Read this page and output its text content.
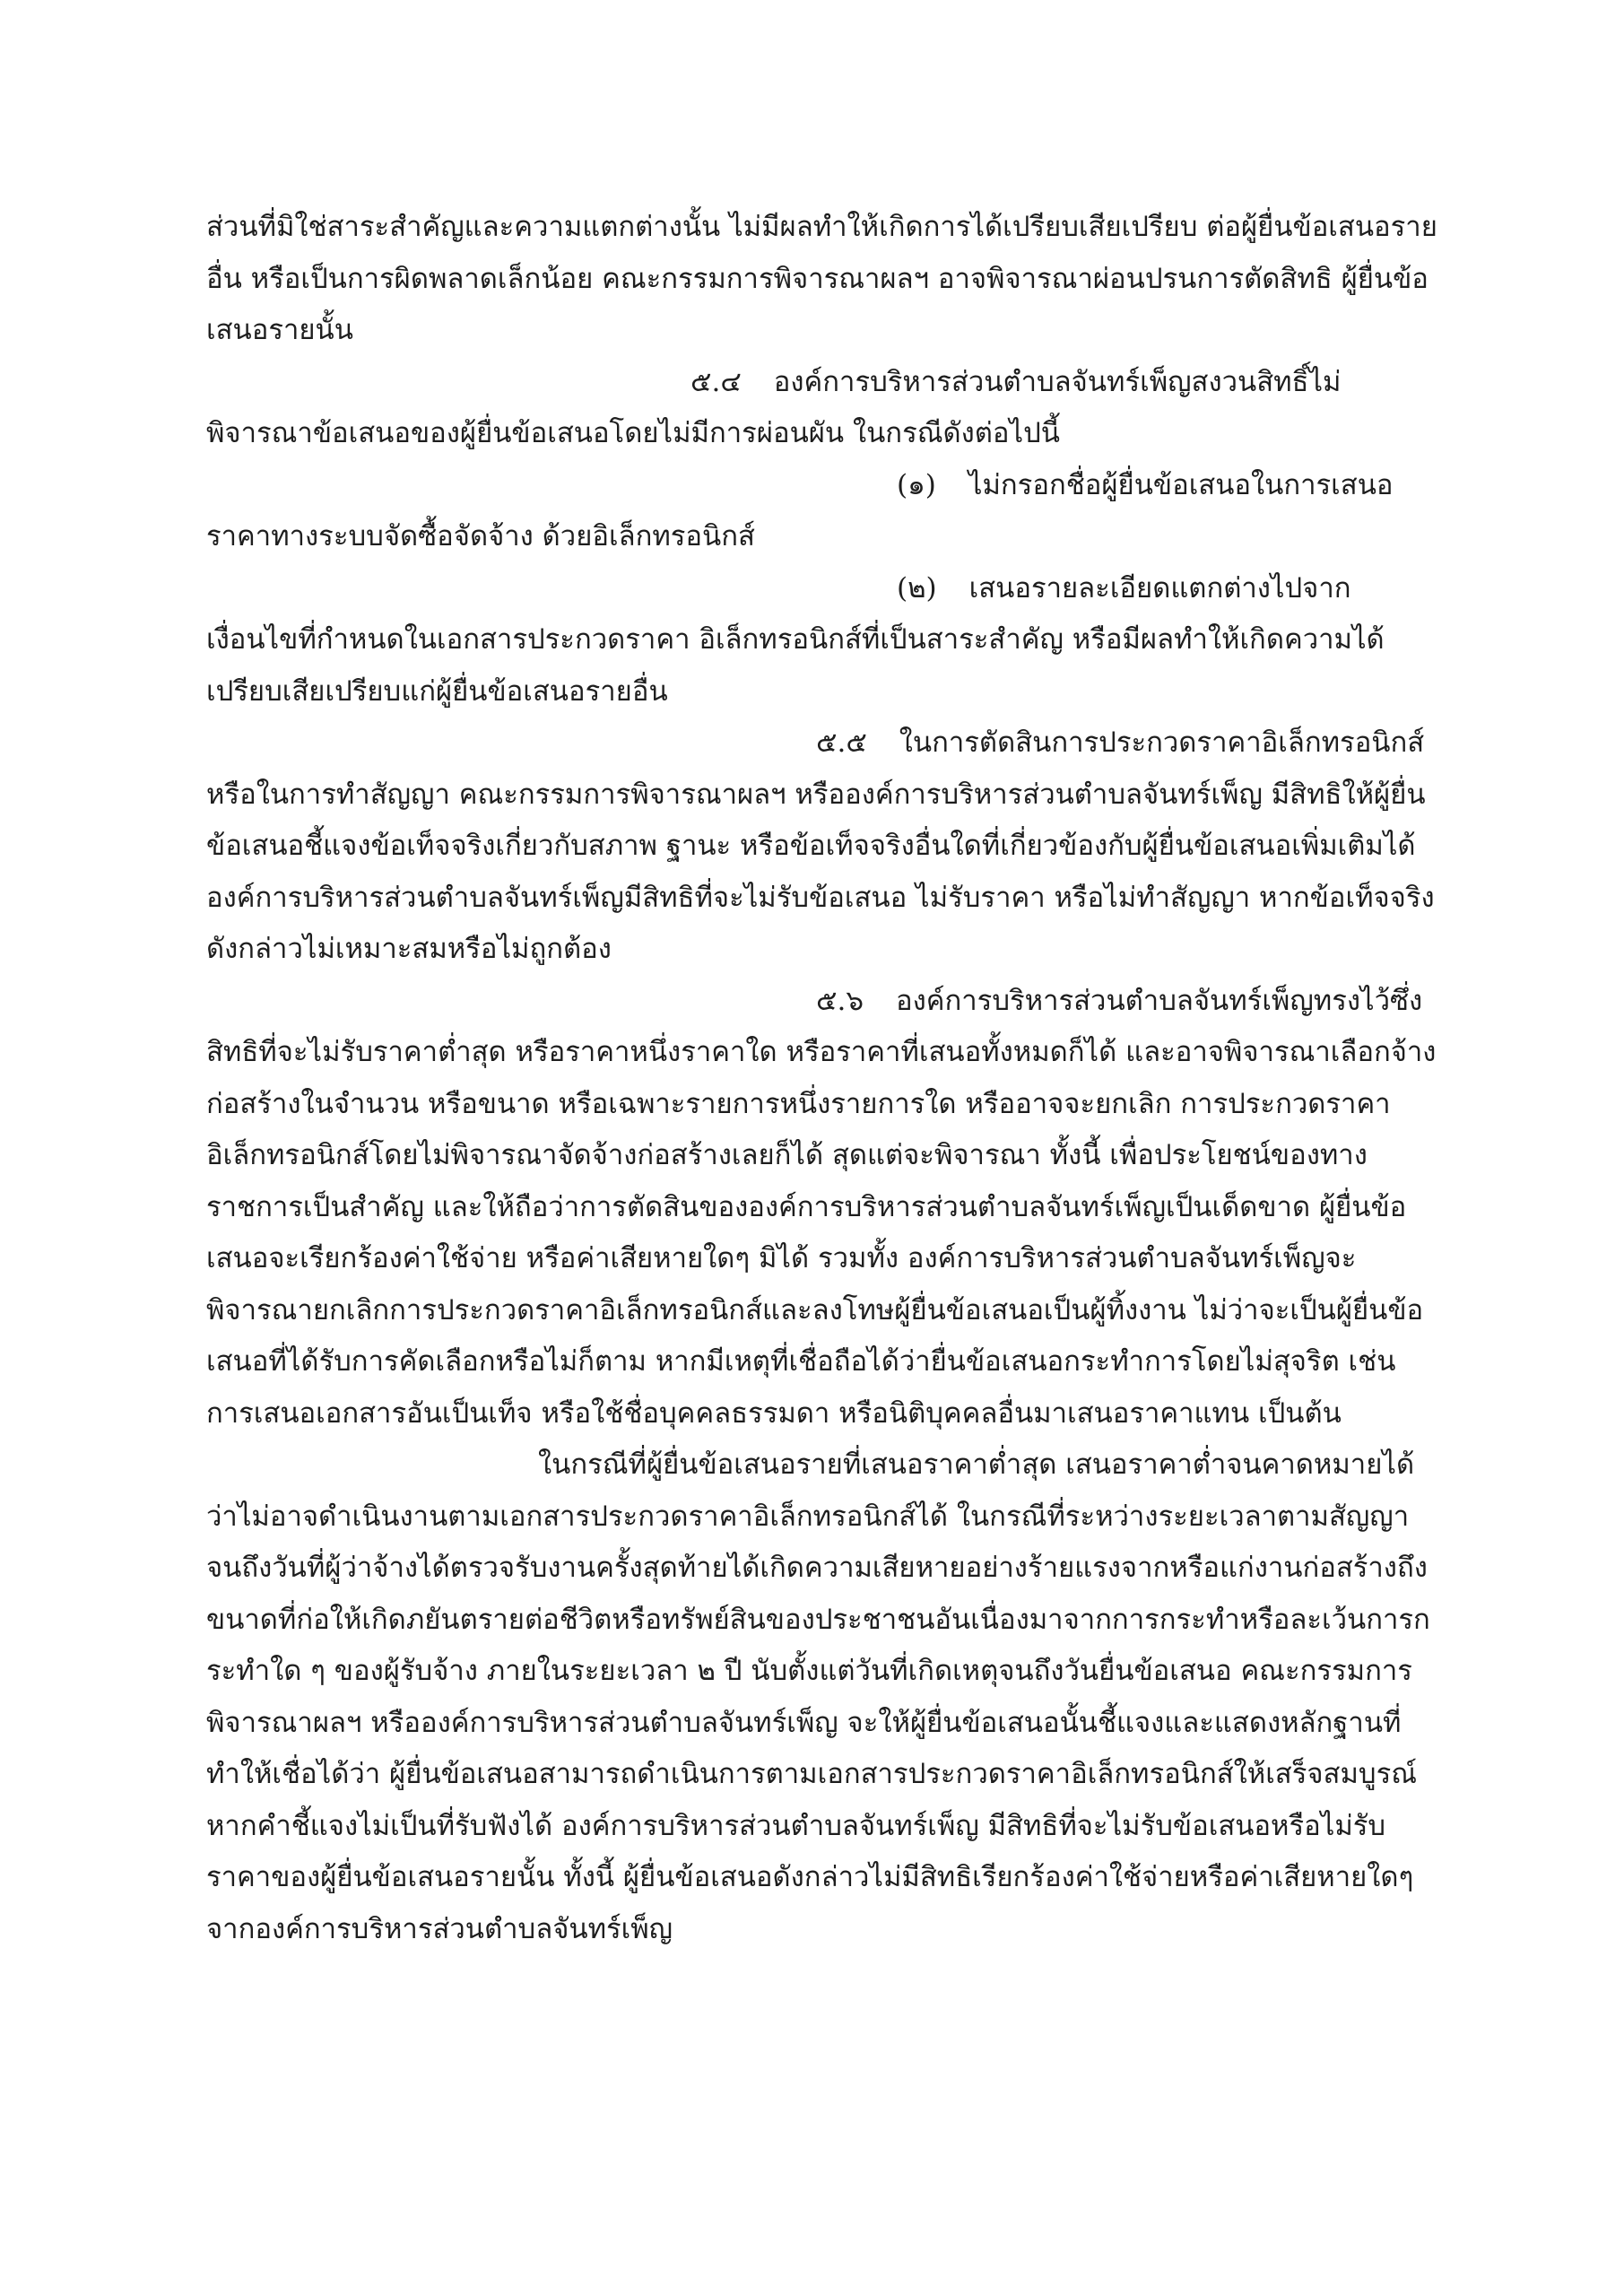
ส่วนที่มิใช่สาระสำคัญและความแตกต่างนั้น ไม่มีผลทำให้เกิดการได้เปรียบเสียเปรียบ ต่อผู้ยื่นข้อเสนอรายอื่น หรือเป็นการผิดพลาดเล็กน้อย คณะกรรมการพิจารณาผลฯ อาจพิจารณาผ่อนปรนการตัดสิทธิ ผู้ยื่นข้อเสนอรายนั้น

๕.๔ องค์การบริหารส่วนตำบลจันทร์เพ็ญสงวนสิทธิ์ไม่พิจารณาข้อเสนอของผู้ยื่นข้อเสนอโดยไม่มีการผ่อนผัน ในกรณีดังต่อไปนี้

(๑) ไม่กรอกชื่อผู้ยื่นข้อเสนอในการเสนอราคาทางระบบจัดซื้อจัดจ้าง ด้วยอิเล็กทรอนิกส์

(๒) เสนอรายละเอียดแตกต่างไปจากเงื่อนไขที่กำหนดในเอกสารประกวดราคา อิเล็กทรอนิกส์ที่เป็นสาระสำคัญ หรือมีผลทำให้เกิดความได้เปรียบเสียเปรียบแก่ผู้ยื่นข้อเสนอรายอื่น

๕.๕ ในการตัดสินการประกวดราคาอิเล็กทรอนิกส์หรือในการทำสัญญา คณะกรรมการพิจารณาผลฯ หรือองค์การบริหารส่วนตำบลจันทร์เพ็ญ มีสิทธิให้ผู้ยื่นข้อเสนอชี้แจงข้อเท็จจริงเกี่ยวกับสภาพ ฐานะ หรือข้อเท็จจริงอื่นใดที่เกี่ยวข้องกับผู้ยื่นข้อเสนอเพิ่มเติมได้ องค์การบริหารส่วนตำบลจันทร์เพ็ญมีสิทธิที่จะไม่รับข้อเสนอ ไม่รับราคา หรือไม่ทำสัญญา หากข้อเท็จจริงดังกล่าวไม่เหมาะสมหรือไม่ถูกต้อง

๕.๖ องค์การบริหารส่วนตำบลจันทร์เพ็ญทรงไว้ซึ่งสิทธิที่จะไม่รับราคาต่ำสุด หรือราคาหนึ่งราคาใด หรือราคาที่เสนอทั้งหมดก็ได้ และอาจพิจารณาเลือกจ้างก่อสร้างในจำนวน หรือขนาด หรือเฉพาะรายการหนึ่งรายการใด หรืออาจจะยกเลิก การประกวดราคาอิเล็กทรอนิกส์โดยไม่พิจารณาจัดจ้างก่อสร้างเลยก็ได้ สุดแต่จะพิจารณา ทั้งนี้ เพื่อประโยชน์ของทางราชการเป็นสำคัญ และให้ถือว่าการตัดสินขององค์การบริหารส่วนตำบลจันทร์เพ็ญเป็นเด็ดขาด ผู้ยื่นข้อเสนอจะเรียกร้องค่าใช้จ่าย หรือค่าเสียหายใดๆ มิได้ รวมทั้ง องค์การบริหารส่วนตำบลจันทร์เพ็ญจะพิจารณายกเลิกการประกวดราคาอิเล็กทรอนิกส์และลงโทษผู้ยื่นข้อเสนอเป็นผู้ทิ้งงาน ไม่ว่าจะเป็นผู้ยื่นข้อเสนอที่ได้รับการคัดเลือกหรือไม่ก็ตาม หากมีเหตุที่เชื่อถือได้ว่ายื่นข้อเสนอกระทำการโดยไม่สุจริต เช่น การเสนอเอกสารอันเป็นเท็จ หรือใช้ชื่อบุคคลธรรมดา หรือนิติบุคคลอื่นมาเสนอราคาแทน เป็นต้น

ในกรณีที่ผู้ยื่นข้อเสนอรายที่เสนอราคาต่ำสุด เสนอราคาต่ำจนคาดหมายได้ว่าไม่อาจดำเนินงานตามเอกสารประกวดราคาอิเล็กทรอนิกส์ได้ ในกรณีที่ระหว่างระยะเวลาตามสัญญาจนถึงวันที่ผู้ว่าจ้างได้ตรวจรับงานครั้งสุดท้ายได้เกิดความเสียหายอย่างร้ายแรงจากหรือแก่งานก่อสร้างถึงขนาดที่ก่อให้เกิดภยันตรายต่อชีวิตหรือทรัพย์สินของประชาชนอันเนื่องมาจากการกระทำหรือละเว้นการกระทำใด ๆ ของผู้รับจ้าง ภายในระยะเวลา ๒ ปี นับตั้งแต่วันที่เกิดเหตุจนถึงวันยื่นข้อเสนอ คณะกรรมการพิจารณาผลฯ หรือองค์การบริหารส่วนตำบลจันทร์เพ็ญ จะให้ผู้ยื่นข้อเสนอนั้นชี้แจงและแสดงหลักฐานที่ทำให้เชื่อได้ว่า ผู้ยื่นข้อเสนอสามารถดำเนินการตามเอกสารประกวดราคาอิเล็กทรอนิกส์ให้เสร็จสมบูรณ์ หากคำชี้แจงไม่เป็นที่รับฟังได้ องค์การบริหารส่วนตำบลจันทร์เพ็ญ มีสิทธิที่จะไม่รับข้อเสนอหรือไม่รับราคาของผู้ยื่นข้อเสนอรายนั้น ทั้งนี้ ผู้ยื่นข้อเสนอดังกล่าวไม่มีสิทธิเรียกร้องค่าใช้จ่ายหรือค่าเสียหายใดๆ จากองค์การบริหารส่วนตำบลจันทร์เพ็ญ
